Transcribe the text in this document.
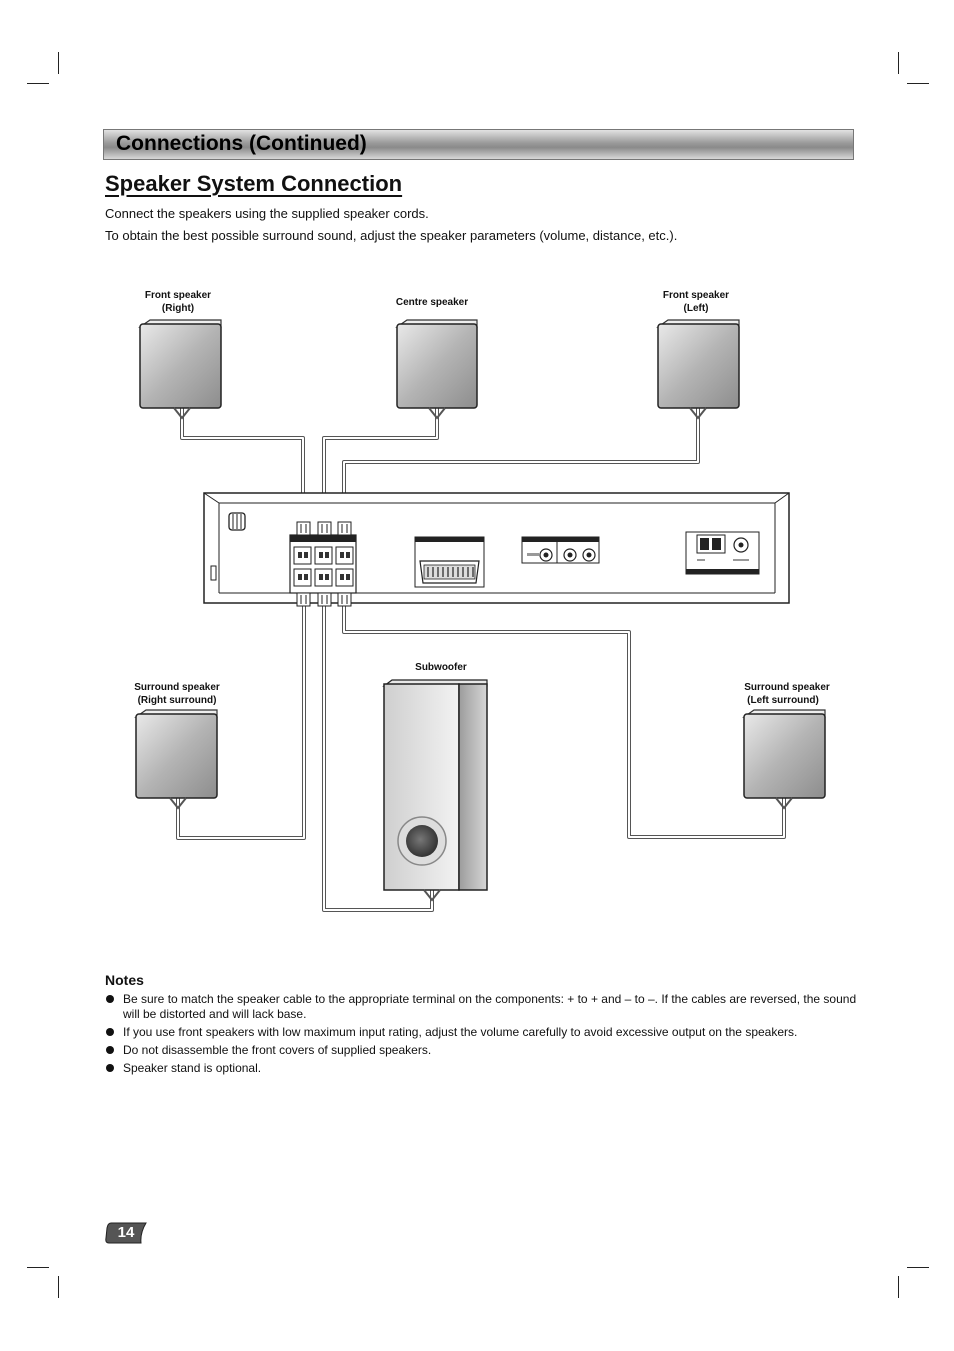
Connections (Continued)
Speaker System Connection
Connect the speakers using the supplied speaker cords.
To obtain the best possible surround sound, adjust the speaker parameters (volume, distance, etc.).
Front speaker
(Right)
Centre speaker
Front speaker
(Left)
Surround speaker
(Right surround)
Subwoofer
Surround speaker
(Left surround)
Notes
Be sure to match the speaker cable to the appropriate terminal on the components: + to + and – to –. If the cables are reversed, the sound will be distorted and will lack base.
If you use front speakers with low maximum input rating, adjust the volume carefully to avoid excessive output on the speakers.
Do not disassemble the front covers of supplied speakers.
Speaker stand is optional.
14
